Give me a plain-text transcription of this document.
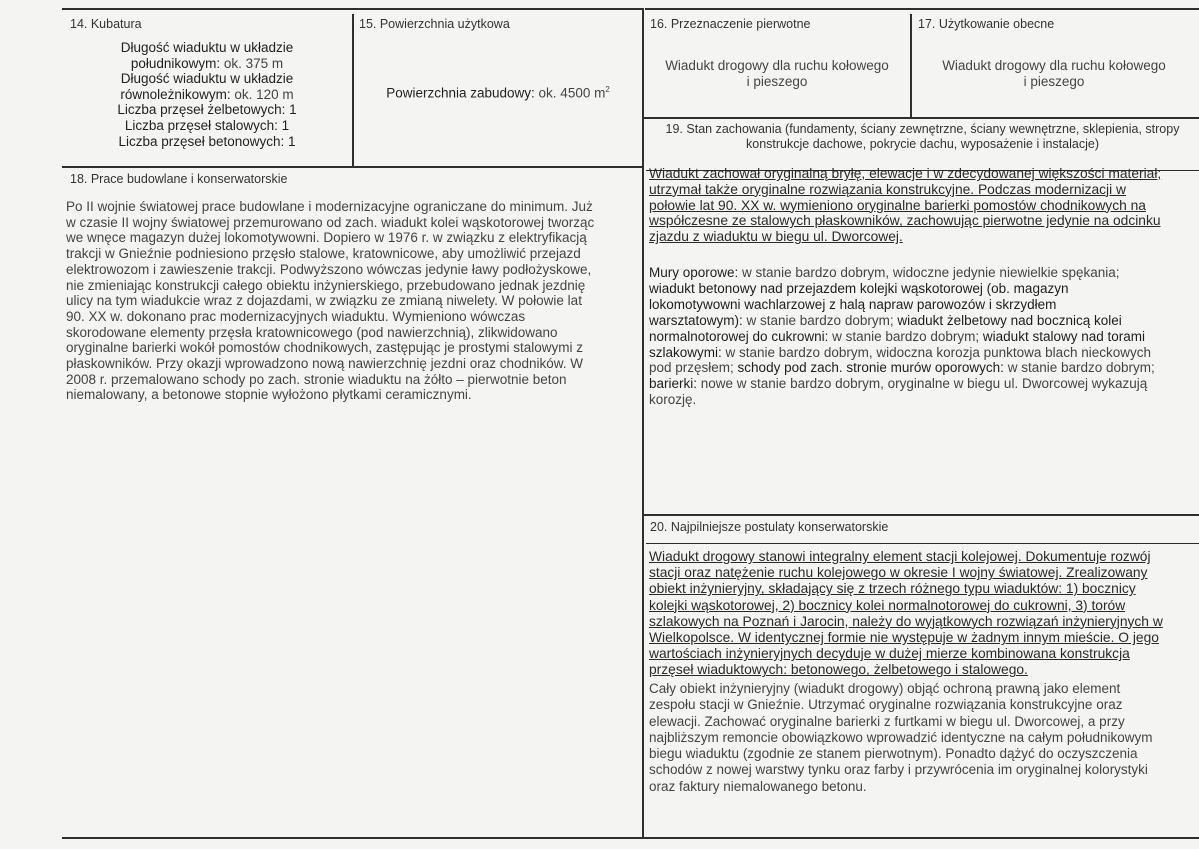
14. Kubatura
Długość wiaduktu w układzie
południkowym: ok. 375 m
Długość wiaduktu w układzie
równoleżnikowym: ok. 120 m
Liczba przęseł żelbetowych: 1
Liczba przęseł stalowych: 1
Liczba przęseł betonowych: 1
15. Powierzchnia użytkowa
Powierzchnia zabudowy: ok. 4500 $m^2$
16. Przeznaczenie pierwotne
Wiadukt drogowy dla ruchu kołowego
i pieszego
17. Użytkowanie obecne
Wiadukt drogowy dla ruchu kołowego
i pieszego
18. Prace budowlane i konserwatorskie
Po II wojnie światowej prace budowlane i modernizacyjne ograniczane do minimum. Już
w czasie II wojny światowej przemurowano od zach. wiadukt kolei wąskotorowej tworząc
we wnęce magazyn dużej lokomotywowni. Dopiero w 1976 r. w związku z elektryfikacją
trakcji w Gnieźnie podniesiono przęsło stalowe, kratownicowe, aby umożliwić przejazd
elektrowozom i zawieszenie trakcji. Podwyższono wówczas jedynie ławy podłożyskowe,
nie zmieniając konstrukcji całego obiektu inżynierskiego, przebudowano jednak jezdnię
ulicy na tym wiadukcie wraz z dojazdami, w związku ze zmianą niwelety. W połowie lat
90. XX w. dokonano prac modernizacyjnych wiaduktu. Wymieniono wówczas
skorodowane elementy przęsła kratownicowego (pod nawierzchnią), zlikwidowano
oryginalne barierki wokół pomostów chodnikowych, zastępując je prostymi stalowymi z
płaskowników. Przy okazji wprowadzono nową nawierzchnię jezdni oraz chodników. W
2008 r. przemalowano schody po zach. stronie wiaduktu na żółto – pierwotnie beton
niemalowany, a betonowe stopnie wyłożono płytkami ceramicznymi.
19. Stan zachowania (fundamenty, ściany zewnętrzne, ściany wewnętrzne, sklepienia, stropy
konstrukcje dachowe, pokrycie dachu, wyposażenie i instalacje)
Wiadukt zachował oryginalną bryłę, elewacje i w zdecydowanej większości materiał;
utrzymał także oryginalne rozwiązania konstrukcyjne. Podczas modernizacji w
połowie lat 90. XX w. wymieniono oryginalne barierki pomostów chodnikowych na
współczesne ze stalowych płaskowników, zachowując pierwotne jedynie na odcinku
zjazdu z wiaduktu w biegu ul. Dworcowej.
Mury oporowe: w stanie bardzo dobrym, widoczne jedynie niewielkie spękania;
wiadukt betonowy nad przejazdem kolejki wąskotorowej (ob. magazyn
lokomotywowni wachlarzowej z halą napraw parowozów i skrzydłem
warsztatowym): w stanie bardzo dobrym; wiadukt żelbetowy nad bocznicą kolei
normalnotorowej do cukrowni: w stanie bardzo dobrym; wiadukt stalowy nad torami
szlakowymi: w stanie bardzo dobrym, widoczna korozja punktowa blach nieckowych
pod przęsłem; schody pod zach. stronie murów oporowych: w stanie bardzo dobrym;
barierki: nowe w stanie bardzo dobrym, oryginalne w biegu ul. Dworcowej wykazują
korozję.
20. Najpilniejsze postulaty konserwatorskie
Wiadukt drogowy stanowi integralny element stacji kolejowej. Dokumentuje rozwój
stacji oraz natężenie ruchu kolejowego w okresie I wojny światowej. Zrealizowany
obiekt inżynieryjny, składający się z trzech różnego typu wiaduktów: 1) bocznicy
kolejki wąskotorowej, 2) bocznicy kolei normalnotorowej do cukrowni, 3) torów
szlakowych na Poznań i Jarocin, należy do wyjątkowych rozwiązań inżynieryjnych w
Wielkopolsce. W identycznej formie nie występuje w żadnym innym mieście. O jego
wartościach inżynieryjnych decyduje w dużej mierze kombinowana konstrukcja
przęseł wiaduktowych: betonowego, żelbetowego i stalowego.
Cały obiekt inżynieryjny (wiadukt drogowy) objąć ochroną prawną jako element
zespołu stacji w Gnieźnie. Utrzymać oryginalne rozwiązania konstrukcyjne oraz
elewacji. Zachować oryginalne barierki z furtkami w biegu ul. Dworcowej, a przy
najbliższym remoncie obowiązkowo wprowadzić identyczne na całym południkowym
biegu wiaduktu (zgodnie ze stanem pierwotnym). Ponadto dążyć do oczyszczenia
schodów z nowej warstwy tynku oraz farby i przywrócenia im oryginalnej kolorystyki
oraz faktury niemalowanego betonu.
